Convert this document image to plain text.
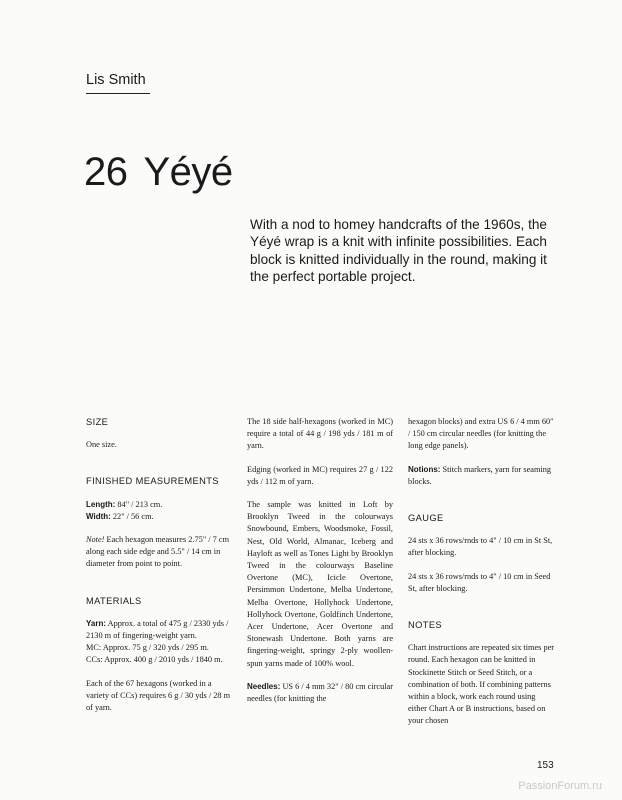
Lis Smith
26 Yéyé
With a nod to homey handcrafts of the 1960s, the Yéyé wrap is a knit with infinite possibilities. Each block is knitted individually in the round, making it the perfect portable project.

SIZE

One size.

FINISHED MEASUREMENTS

Length: 84" / 213 cm.

Width: 22" / 56 cm.

Note! Each hexagon measures 2.75" / 7 cm along each side edge and 5.5" / 14 cm in diameter from point to point.

MATERIALS

Yarn: Approx. a total of 475 g / 2330 yds / 2130 m of fingering-weight yarn.

MC: Approx. 75 g / 320 yds / 295 m.

CCs: Approx. 400 g / 2010 yds / 1840 m.

Each of the 67 hexagons (worked in a variety of CCs) requires 6 g / 30 yds / 28 m of yarn.

The 18 side half-hexagons (worked in MC) require a total of 44 g / 198 yds / 181 m of yarn.

Edging (worked in MC) requires 27 g / 122 yds / 112 m of yarn.

The sample was knitted in Loft by Brooklyn Tweed in the colourways Snowbound, Embers, Woodsmoke, Fossil, Nest, Old World, Almanac, Iceberg and Hayloft as well as Tones Light by Brooklyn Tweed in the colourways Baseline Overtone (MC), Icicle Overtone, Persimmon Undertone, Melba Undertone, Melba Overtone, Hollyhock Undertone, Hollyhock Overtone, Goldfinch Undertone, Acer Undertone, Acer Overtone and Stonewash Undertone. Both yarns are fingering-weight, springy 2-ply woollen-spun yarns made of 100% wool.

Needles: US 6 / 4 mm 32" / 80 cm circular needles (for knitting the

hexagon blocks) and extra US 6 / 4 mm 60" / 150 cm circular needles (for knitting the long edge panels).

Notions: Stitch markers, yarn for seaming blocks.

GAUGE

24 sts x 36 rows/rnds to 4" / 10 cm in St St, after blocking.

24 sts x 36 rows/rnds to 4" / 10 cm in Seed St, after blocking.

NOTES

Chart instructions are repeated six times per round. Each hexagon can be knitted in Stockinette Stitch or Seed Stitch, or a combination of both. If combining patterns within a block, work each round using either Chart A or B instructions, based on your chosen

153
PassionForum.ru
